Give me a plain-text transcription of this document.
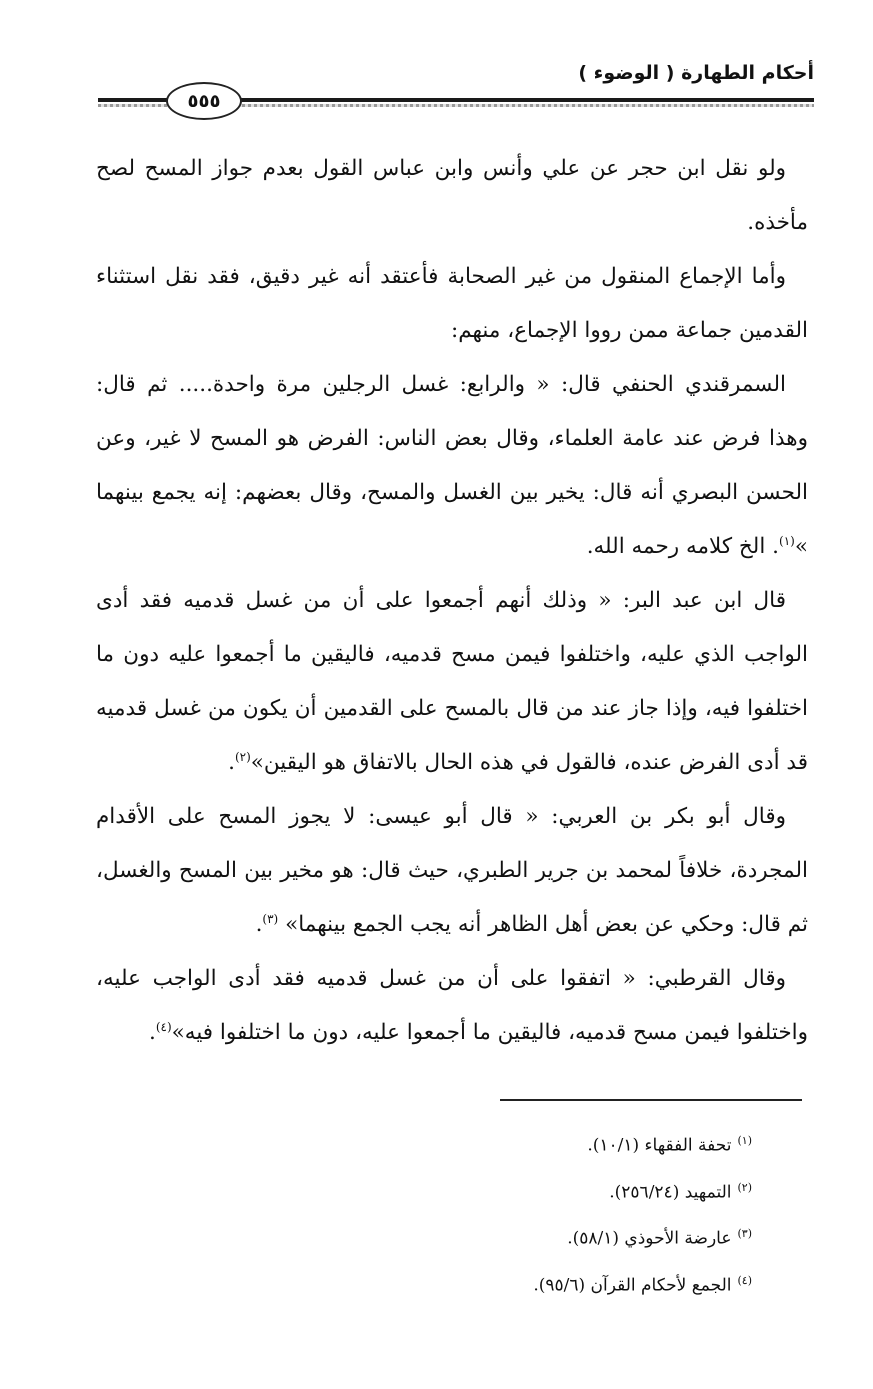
أحكام الطهارة ( الوضوء )
٥٥٥

ولو نقل ابن حجر عن علي وأنس وابن عباس القول بعدم جواز المسح لصح مأخذه.

وأما الإجماع المنقول من غير الصحابة فأعتقد أنه غير دقيق، فقد نقل استثناء القدمين جماعة ممن رووا الإجماع، منهم:

السمرقندي الحنفي قال: « والرابع: غسل الرجلين مرة واحدة..... ثم قال: وهذا فرض عند عامة العلماء، وقال بعض الناس: الفرض هو المسح لا غير، وعن الحسن البصري أنه قال: يخير بين الغسل والمسح، وقال بعضهم: إنه يجمع بينهما »$^{(١)}$. الخ كلامه رحمه الله.

قال ابن عبد البر: « وذلك أنهم أجمعوا على أن من غسل قدميه فقد أدى الواجب الذي عليه، واختلفوا فيمن مسح قدميه، فاليقين ما أجمعوا عليه دون ما اختلفوا فيه، وإذا جاز عند من قال بالمسح على القدمين أن يكون من غسل قدميه قد أدى الفرض عنده، فالقول في هذه الحال بالاتفاق هو اليقين»$^{(٢)}$.

وقال أبو بكر بن العربي: « قال أبو عيسى: لا يجوز المسح على الأقدام المجردة، خلافاً لمحمد بن جرير الطبري، حيث قال: هو مخير بين المسح والغسل، ثم قال: وحكي عن بعض أهل الظاهر أنه يجب الجمع بينهما» $^{(٣)}$.

وقال القرطبي: « اتفقوا على أن من غسل قدميه فقد أدى الواجب عليه، واختلفوا فيمن مسح قدميه، فاليقين ما أجمعوا عليه، دون ما اختلفوا فيه»$^{(٤)}$.

$^{(١)}$تحفة الفقهاء (١٠/١).
$^{(٢)}$التمهيد (٢٥٦/٢٤).
$^{(٣)}$عارضة الأحوذي (٥٨/١).
$^{(٤)}$الجمع لأحكام القرآن (٩٥/٦).
